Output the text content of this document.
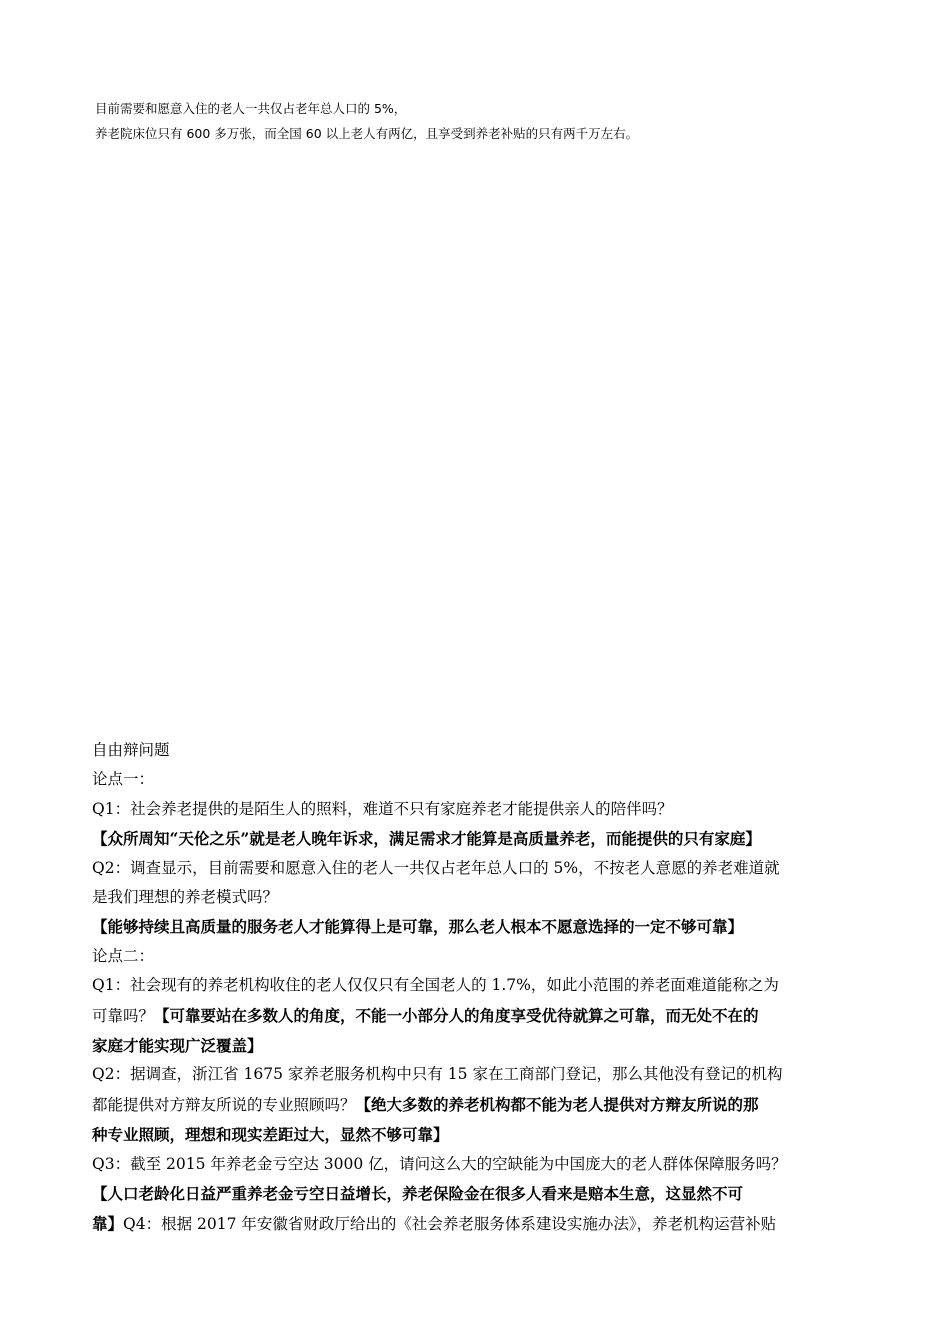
目前需要和愿意入住的老人一共仅占老年总人口的 5%，
养老院床位只有 600 多万张，而全国 60 以上老人有两亿，且享受到养老补贴的只有两千万左右。
自由辩问题
论点一：
Q1：社会养老提供的是陌生人的照料，难道不只有家庭养老才能提供亲人的陪伴吗？
【众所周知“天伦之乐”就是老人晚年诉求，满足需求才能算是高质量养老，而能提供的只有家庭】
Q2：调查显示，目前需要和愿意入住的老人一共仅占老年总人口的 5%，不按老人意愿的养老难道就
是我们理想的养老模式吗？
【能够持续且高质量的服务老人才能算得上是可靠，那么老人根本不愿意选择的一定不够可靠】
论点二：
Q1：社会现有的养老机构收住的老人仅仅只有全国老人的 1.7%，如此小范围的养老面难道能称之为
可靠吗？【可靠要站在多数人的角度，不能一小部分人的角度享受优待就算之可靠，而无处不在的
家庭才能实现广泛覆盖】
Q2：据调查，浙江省 1675 家养老服务机构中只有 15 家在工商部门登记，那么其他没有登记的机构
都能提供对方辩友所说的专业照顾吗？【绝大多数的养老机构都不能为老人提供对方辩友所说的那
种专业照顾，理想和现实差距过大，显然不够可靠】
Q3：截至 2015 年养老金亏空达 3000 亿，请问这么大的空缺能为中国庞大的老人群体保障服务吗？
【人口老龄化日益严重养老金亏空日益增长，养老保险金在很多人看来是赔本生意，这显然不可
靠】Q4：根据 2017 年安徽省财政厅给出的《社会养老服务体系建设实施办法》，养老机构运营补贴
